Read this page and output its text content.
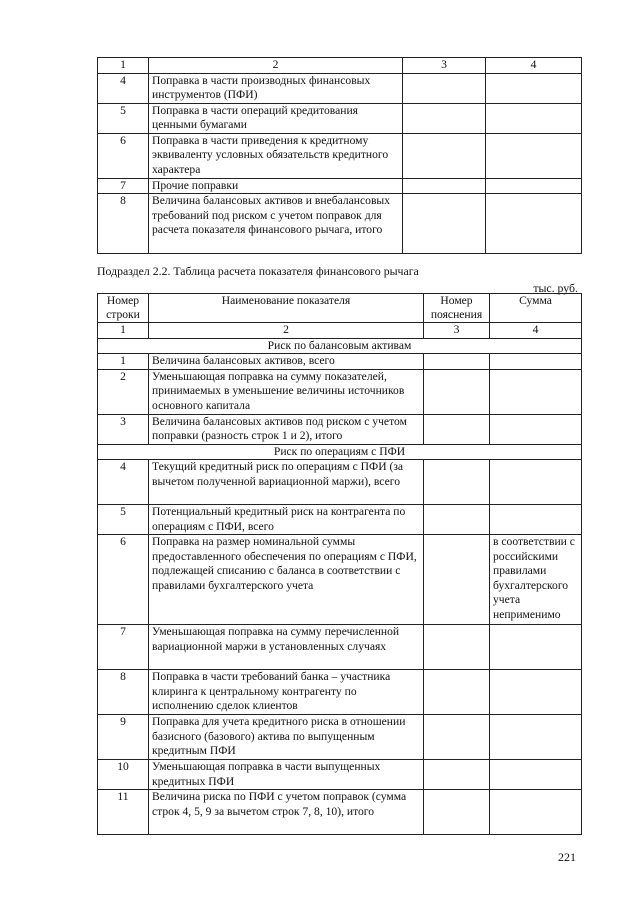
1	2	3	4
4	Поправка в части производных финансовых инструментов (ПФИ)		
5	Поправка в части операций кредитования ценными бумагами		
6	Поправка в части приведения к кредитному эквиваленту условных обязательств кредитного характера		
7	Прочие поправки		
8	Величина балансовых активов и внебалансовых требований под риском с учетом поправок для расчета показателя финансового рычага, итого		
Подраздел 2.2. Таблица расчета показателя финансового рычага
тыс. руб.
Номер строки	Наименование показателя	Номер пояснения	Сумма
1	2	3	4
Риск по балансовым активам			
1	Величина балансовых активов, всего		
2	Уменьшающая поправка на сумму показателей, принимаемых в уменьшение величины источников основного капитала		
3	Величина балансовых активов под риском с учетом поправки (разность строк 1 и 2), итого		
Риск по операциям с ПФИ			
4	Текущий кредитный риск по операциям с ПФИ (за вычетом полученной вариационной маржи), всего		
5	Потенциальный кредитный риск на контрагента по операциям с ПФИ, всего		
6	Поправка на размер номинальной суммы предоставленного обеспечения по операциям с ПФИ, подлежащей списанию с баланса в соответствии с правилами бухгалтерского учета		в соответствии с российскими правилами бухгалтерского учета неприменимо
7	Уменьшающая поправка на сумму перечисленной вариационной маржи в установленных случаях		
8	Поправка в части требований банка – участника клиринга к центральному контрагенту по исполнению сделок клиентов		
9	Поправка для учета кредитного риска в отношении базисного (базового) актива по выпущенным кредитным ПФИ		
10	Уменьшающая поправка в части выпущенных кредитных ПФИ		
11	Величина риска по ПФИ с учетом поправок (сумма строк 4, 5, 9 за вычетом строк 7, 8, 10), итого		
221
